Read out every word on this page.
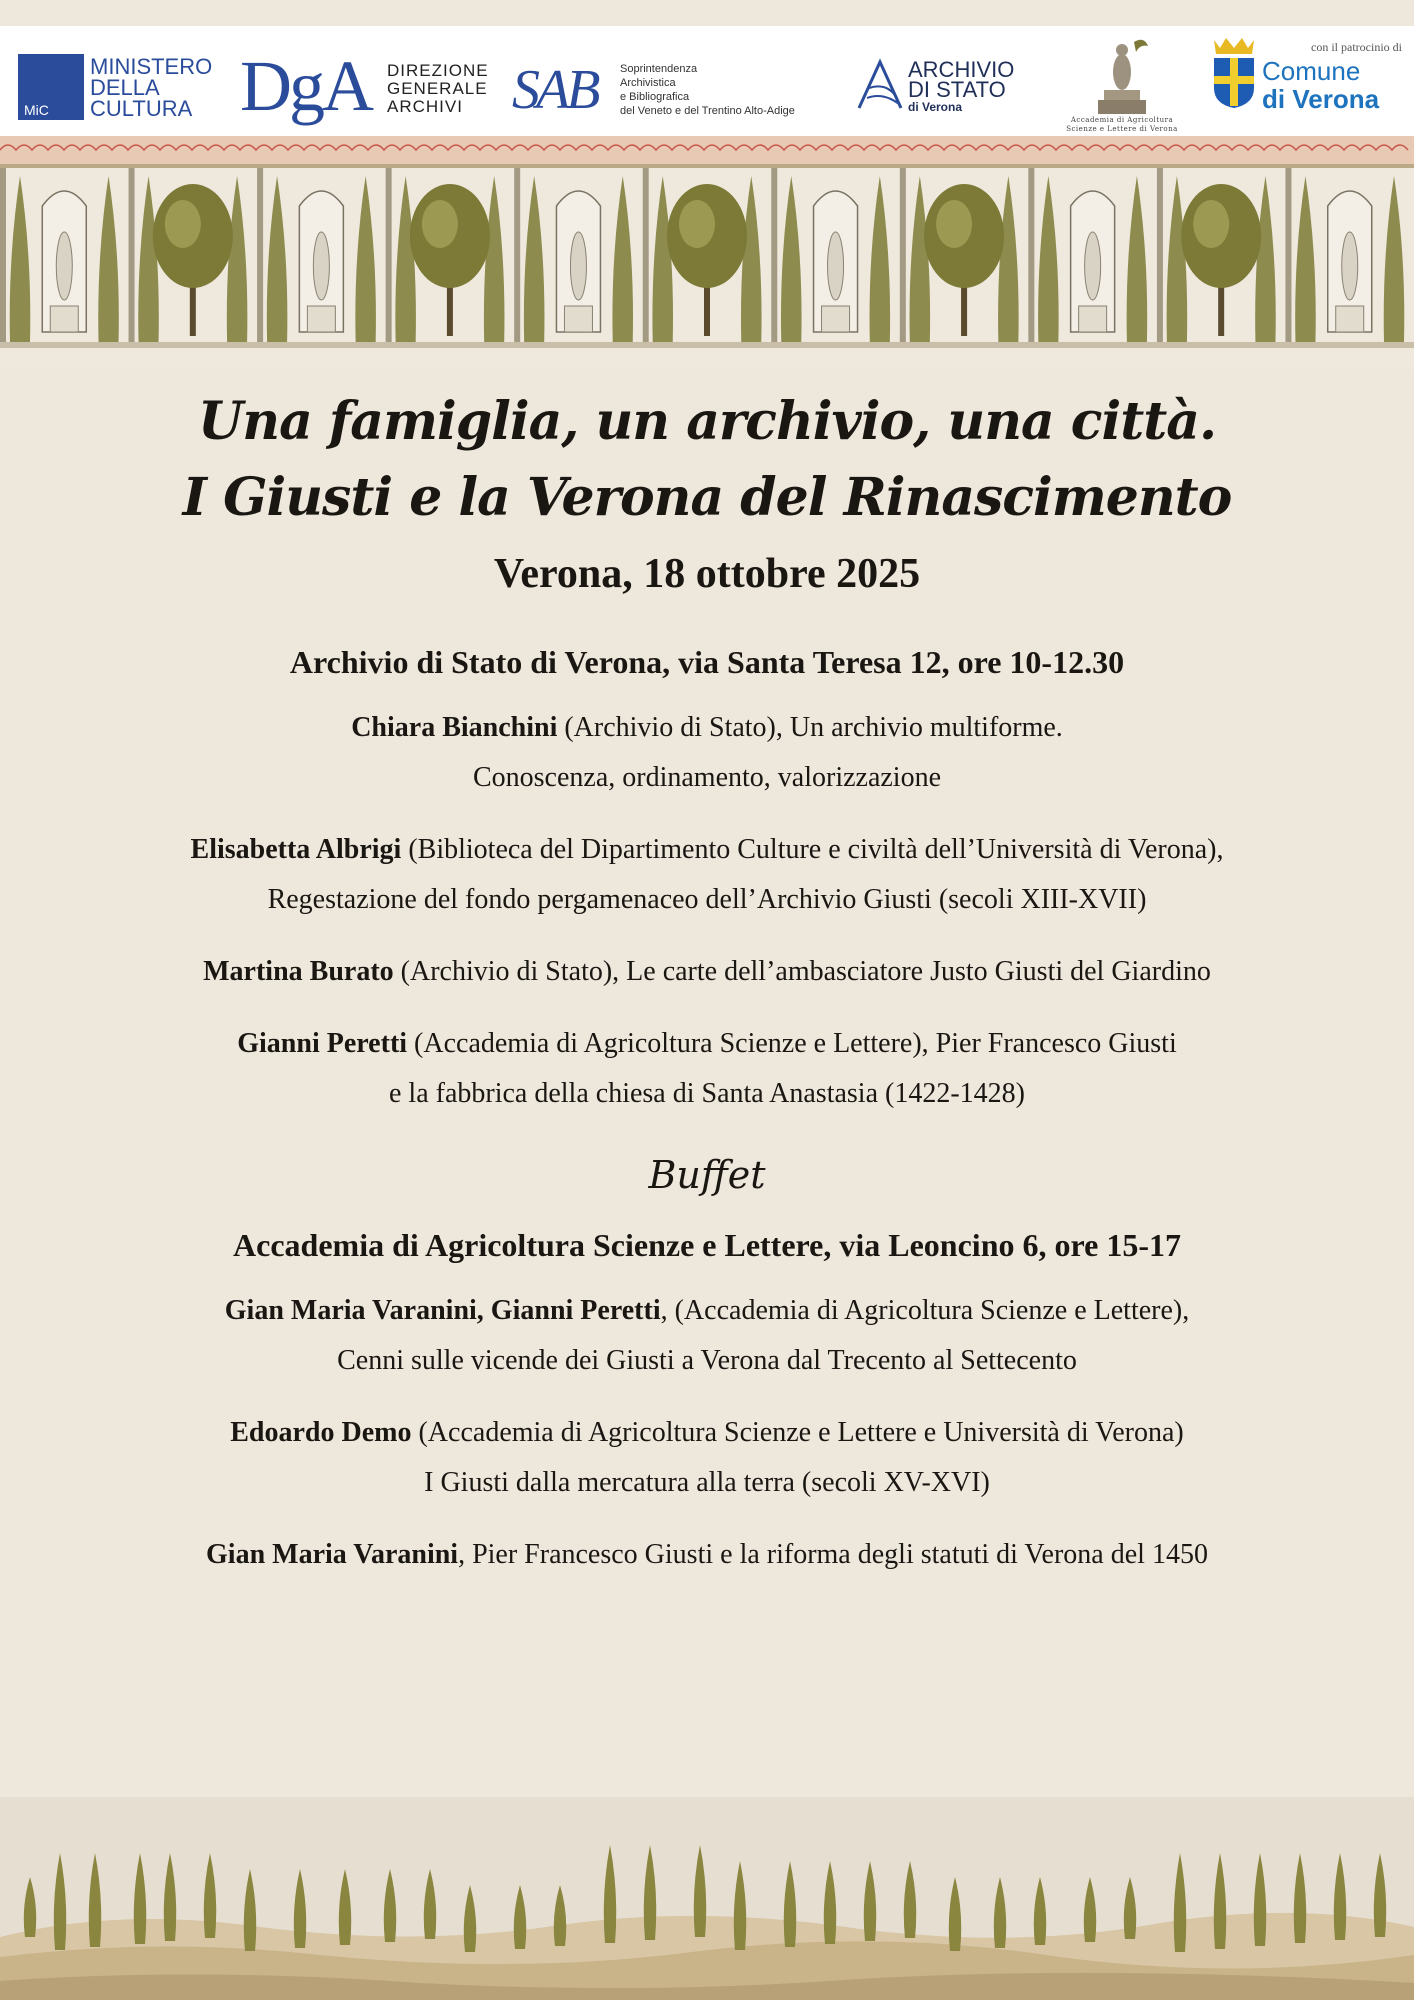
MiC
MINISTERO
DELLA
CULTURA DgA DIREZIONE
GENERALE
ARCHIVI SAB Soprintendenza
Archivistica
e Bibliografica
del Veneto e del Trentino Alto-Adige
ARCHIVIO
DI STATO
di Verona
Accademia di Agricoltura
Scienze e Lettere di Verona
con il patrocinio di
Comune
di Verona
Una famiglia, un archivio, una città.
I Giusti e la Verona del Rinascimento

Verona, 18 ottobre 2025

Archivio di Stato di Verona, via Santa Teresa 12, ore 10-12.30

Chiara Bianchini (Archivio di Stato), Un archivio multiforme.

Conoscenza, ordinamento, valorizzazione

Elisabetta Albrigi (Biblioteca del Dipartimento Culture e civiltà dell’Università di Verona),

Regestazione del fondo pergamenaceo dell’Archivio Giusti (secoli XIII-XVII)

Martina Burato (Archivio di Stato), Le carte dell’ambasciatore Justo Giusti del Giardino

Gianni Peretti (Accademia di Agricoltura Scienze e Lettere), Pier Francesco Giusti

e la fabbrica della chiesa di Santa Anastasia (1422-1428)

Buffet

Accademia di Agricoltura Scienze e Lettere, via Leoncino 6, ore 15-17

Gian Maria Varanini, Gianni Peretti, (Accademia di Agricoltura Scienze e Lettere),

Cenni sulle vicende dei Giusti a Verona dal Trecento al Settecento

Edoardo Demo (Accademia di Agricoltura Scienze e Lettere e Università di Verona)

I Giusti dalla mercatura alla terra (secoli XV-XVI)

Gian Maria Varanini, Pier Francesco Giusti e la riforma degli statuti di Verona del 1450
